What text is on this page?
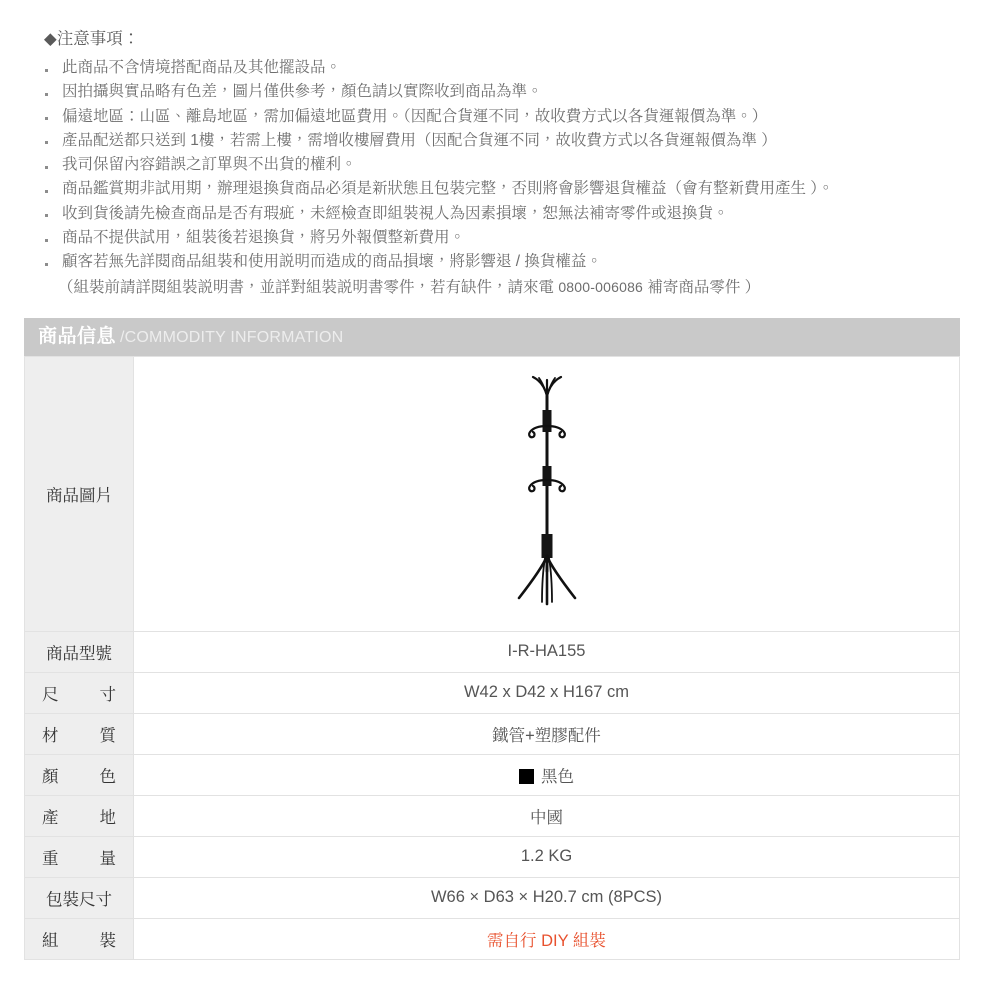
◆注意事項：
此商品不含情境搭配商品及其他擺設品。
因拍攝與實品略有色差，圖片僅供參考，顏色請以實際收到商品為準。
偏遠地區：山區、離島地區，需加偏遠地區費用。（因配合貨運不同，故收費方式以各貨運報價為準。）
產品配送都只送到 1樓，若需上樓，需增收樓層費用（因配合貨運不同，故收費方式以各貨運報價為準 ）
我司保留內容錯誤之訂單與不出貨的權利。
商品鑑賞期非試用期，辦理退換貨商品必須是新狀態且包裝完整，否則將會影響退貨權益（會有整新費用產生 ）。
收到貨後請先檢查商品是否有瑕疵，未經檢查即組裝視人為因素損壞，恕無法補寄零件或退換貨。
商品不提供試用，組裝後若退換貨，將另外報價整新費用。
顧客若無先詳閱商品組裝和使用説明而造成的商品損壞，將影響退 / 換貨權益。
（組裝前請詳閱組裝説明書，並詳對組裝説明書零件，若有缺件，請來電 0800-006086 補寄商品零件 ）
商品信息 /COMMODITY INFORMATION
商品圖片	
商品型號	I-R-HA155
尺寸	W42 x D42 x H167 cm
材質	鐵管+塑膠配件
顏色	黑色
產地	中國
重量	1.2 KG
包裝尺寸	W66 × D63 × H20.7 cm (8PCS)
組裝	需自行 DIY 組裝
